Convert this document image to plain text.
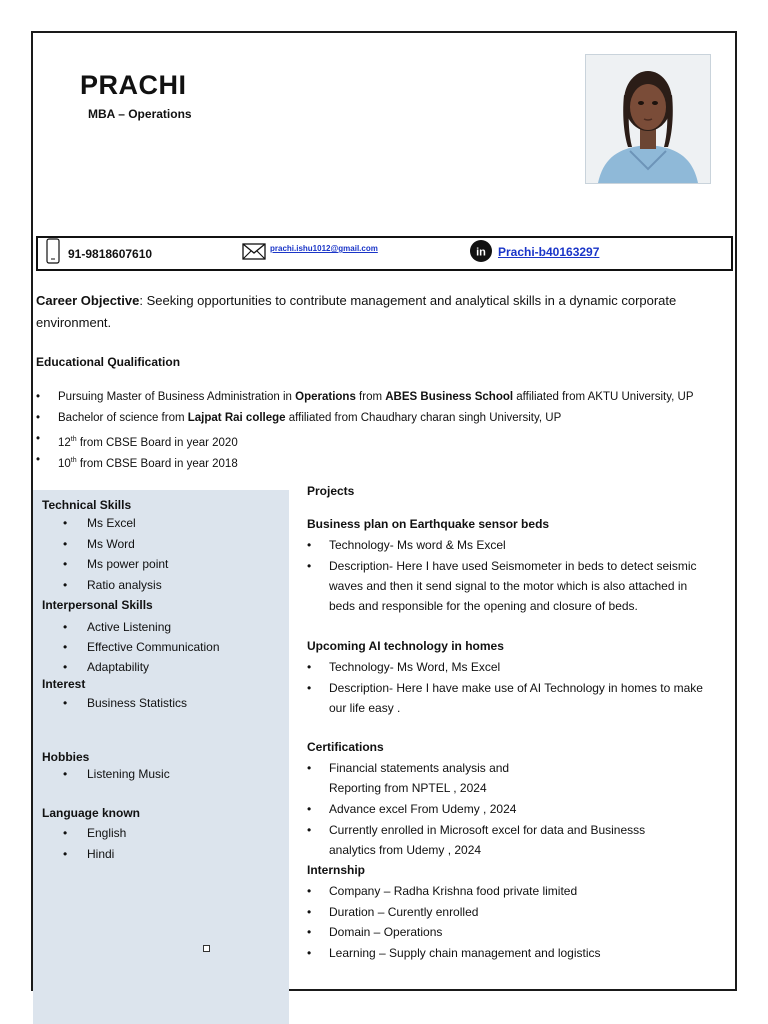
PRACHI
MBA – Operations
91-9818607610	prachi.ishu1012@gmail.com	in Prachi-b40163297
Career Objective: Seeking opportunities to contribute management and analytical skills in a dynamic corporate
environment.
Educational Qualification
• Pursuing Master of Business Administration in Operations from ABES Business School affiliated from AKTU University, UP
• Bachelor of science from Lajpat Rai college affiliated from Chaudhary charan singh University, UP
• 12th from CBSE Board in year 2020
• 10th from CBSE Board in year 2018
Technical Skills
• Ms Excel
• Ms Word
• Ms power point
• Ratio analysis
Interpersonal Skills
• Active Listening
• Effective Communication
• Adaptability
Interest
• Business Statistics
Hobbies
• Listening Music
Language known
• English
• Hindi
Projects
Business plan on Earthquake sensor beds
• Technology- Ms word & Ms Excel
• Description- Here I have used Seismometer in beds to detect seismic
waves and then it send signal to the motor which is also attached in
beds and responsible for the opening and closure of beds.
Upcoming AI technology in homes
• Technology- Ms Word, Ms Excel
• Description- Here I have make use of AI Technology in homes to make
our life easy .
Certifications
• Financial statements analysis and
Reporting from NPTEL , 2024
• Advance excel From Udemy , 2024
• Currently enrolled in Microsoft excel for data and Businesss
analytics from Udemy , 2024
Internship
• Company – Radha Krishna food private limited
• Duration – Curently enrolled
• Domain – Operations
• Learning – Supply chain management and logistics
